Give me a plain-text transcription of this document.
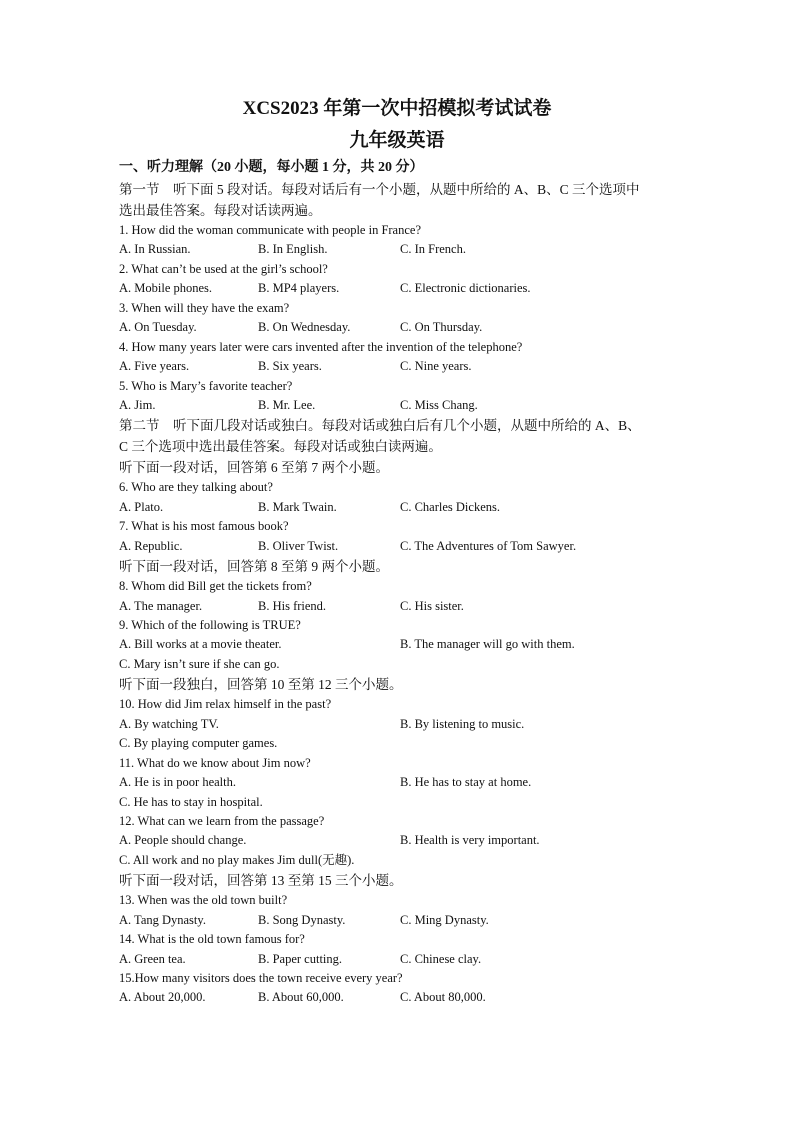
XCS2023 年第一次中招模拟考试试卷
九年级英语
一、听力理解（20 小题，每小题 1 分，共 20 分）
第一节　听下面 5 段对话。每段对话后有一个小题，从题中所给的 A、B、C 三个选项中
选出最佳答案。每段对话读两遍。
1. How did the woman communicate with people in France?
A. In Russian.	B. In English.	C. In French.
2. What can’t be used at the girl’s school?
A. Mobile phones.	B. MP4 players.	C. Electronic dictionaries.
3. When will they have the exam?
A. On Tuesday.	B. On Wednesday.	C. On Thursday.
4. How many years later were cars invented after the invention of the telephone?
A. Five years.	B. Six years.	C. Nine years.
5. Who is Mary’s favorite teacher?
A. Jim.	B. Mr. Lee.	C. Miss Chang.
第二节　听下面几段对话或独白。每段对话或独白后有几个小题，从题中所给的 A、B、
C 三个选项中选出最佳答案。每段对话或独白读两遍。
听下面一段对话，回答第 6 至第 7 两个小题。
6. Who are they talking about?
A. Plato.	B. Mark Twain.	C. Charles Dickens.
7. What is his most famous book?
A. Republic.	B. Oliver Twist.	C. The Adventures of Tom Sawyer.
听下面一段对话，回答第 8 至第 9 两个小题。
8. Whom did Bill get the tickets from?
A. The manager.	B. His friend.	C. His sister.
9. Which of the following is TRUE?
A. Bill works at a movie theater.	B. The manager will go with them.
C. Mary isn’t sure if she can go.
听下面一段独白，回答第 10 至第 12 三个小题。
10. How did Jim relax himself in the past?
A. By watching TV.	B. By listening to music.
C. By playing computer games.
11. What do we know about Jim now?
A. He is in poor health.	B. He has to stay at home.
C. He has to stay in hospital.
12. What can we learn from the passage?
A. People should change.	B. Health is very important.
C. All work and no play makes Jim dull(无趣).
听下面一段对话，回答第 13 至第 15 三个小题。
13. When was the old town built?
A. Tang Dynasty.	B. Song Dynasty.	C. Ming Dynasty.
14. What is the old town famous for?
A. Green tea.	B. Paper cutting.	C. Chinese clay.
15.How many visitors does the town receive every year?
A. About 20,000.	B. About 60,000.	C. About 80,000.
